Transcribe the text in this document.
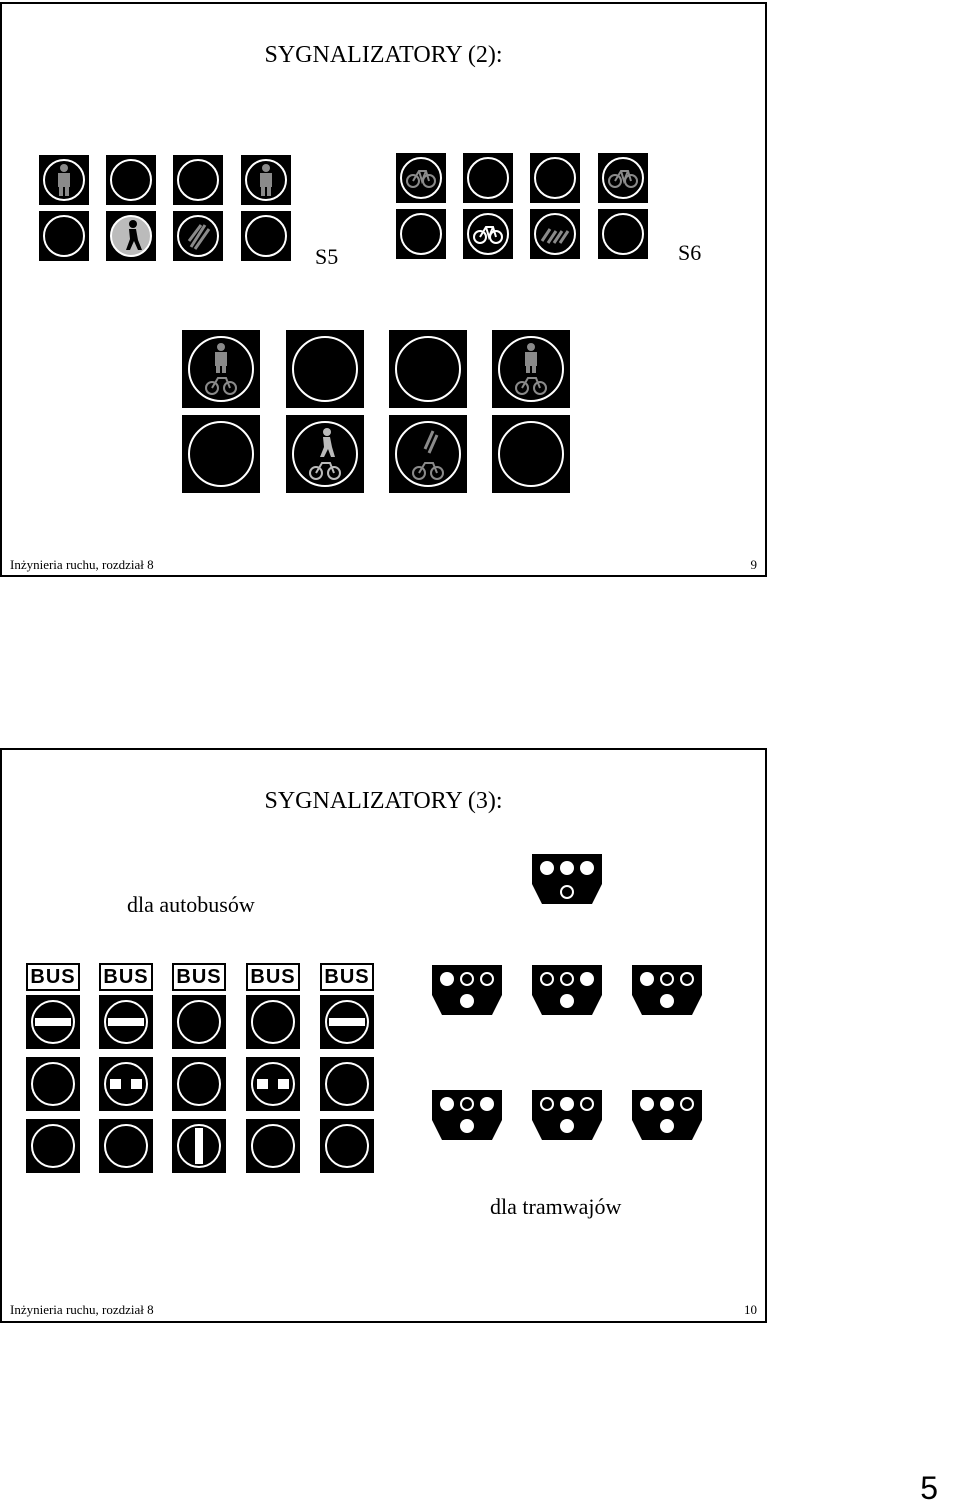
SYGNALIZATORY (2):
S5	S6
Inżynieria ruchu, rozdział 8	9
SYGNALIZATORY (3):
dla autobusów
BUS BUS BUS BUS BUS
dla tramwajów
Inżynieria ruchu, rozdział 8	10
5
